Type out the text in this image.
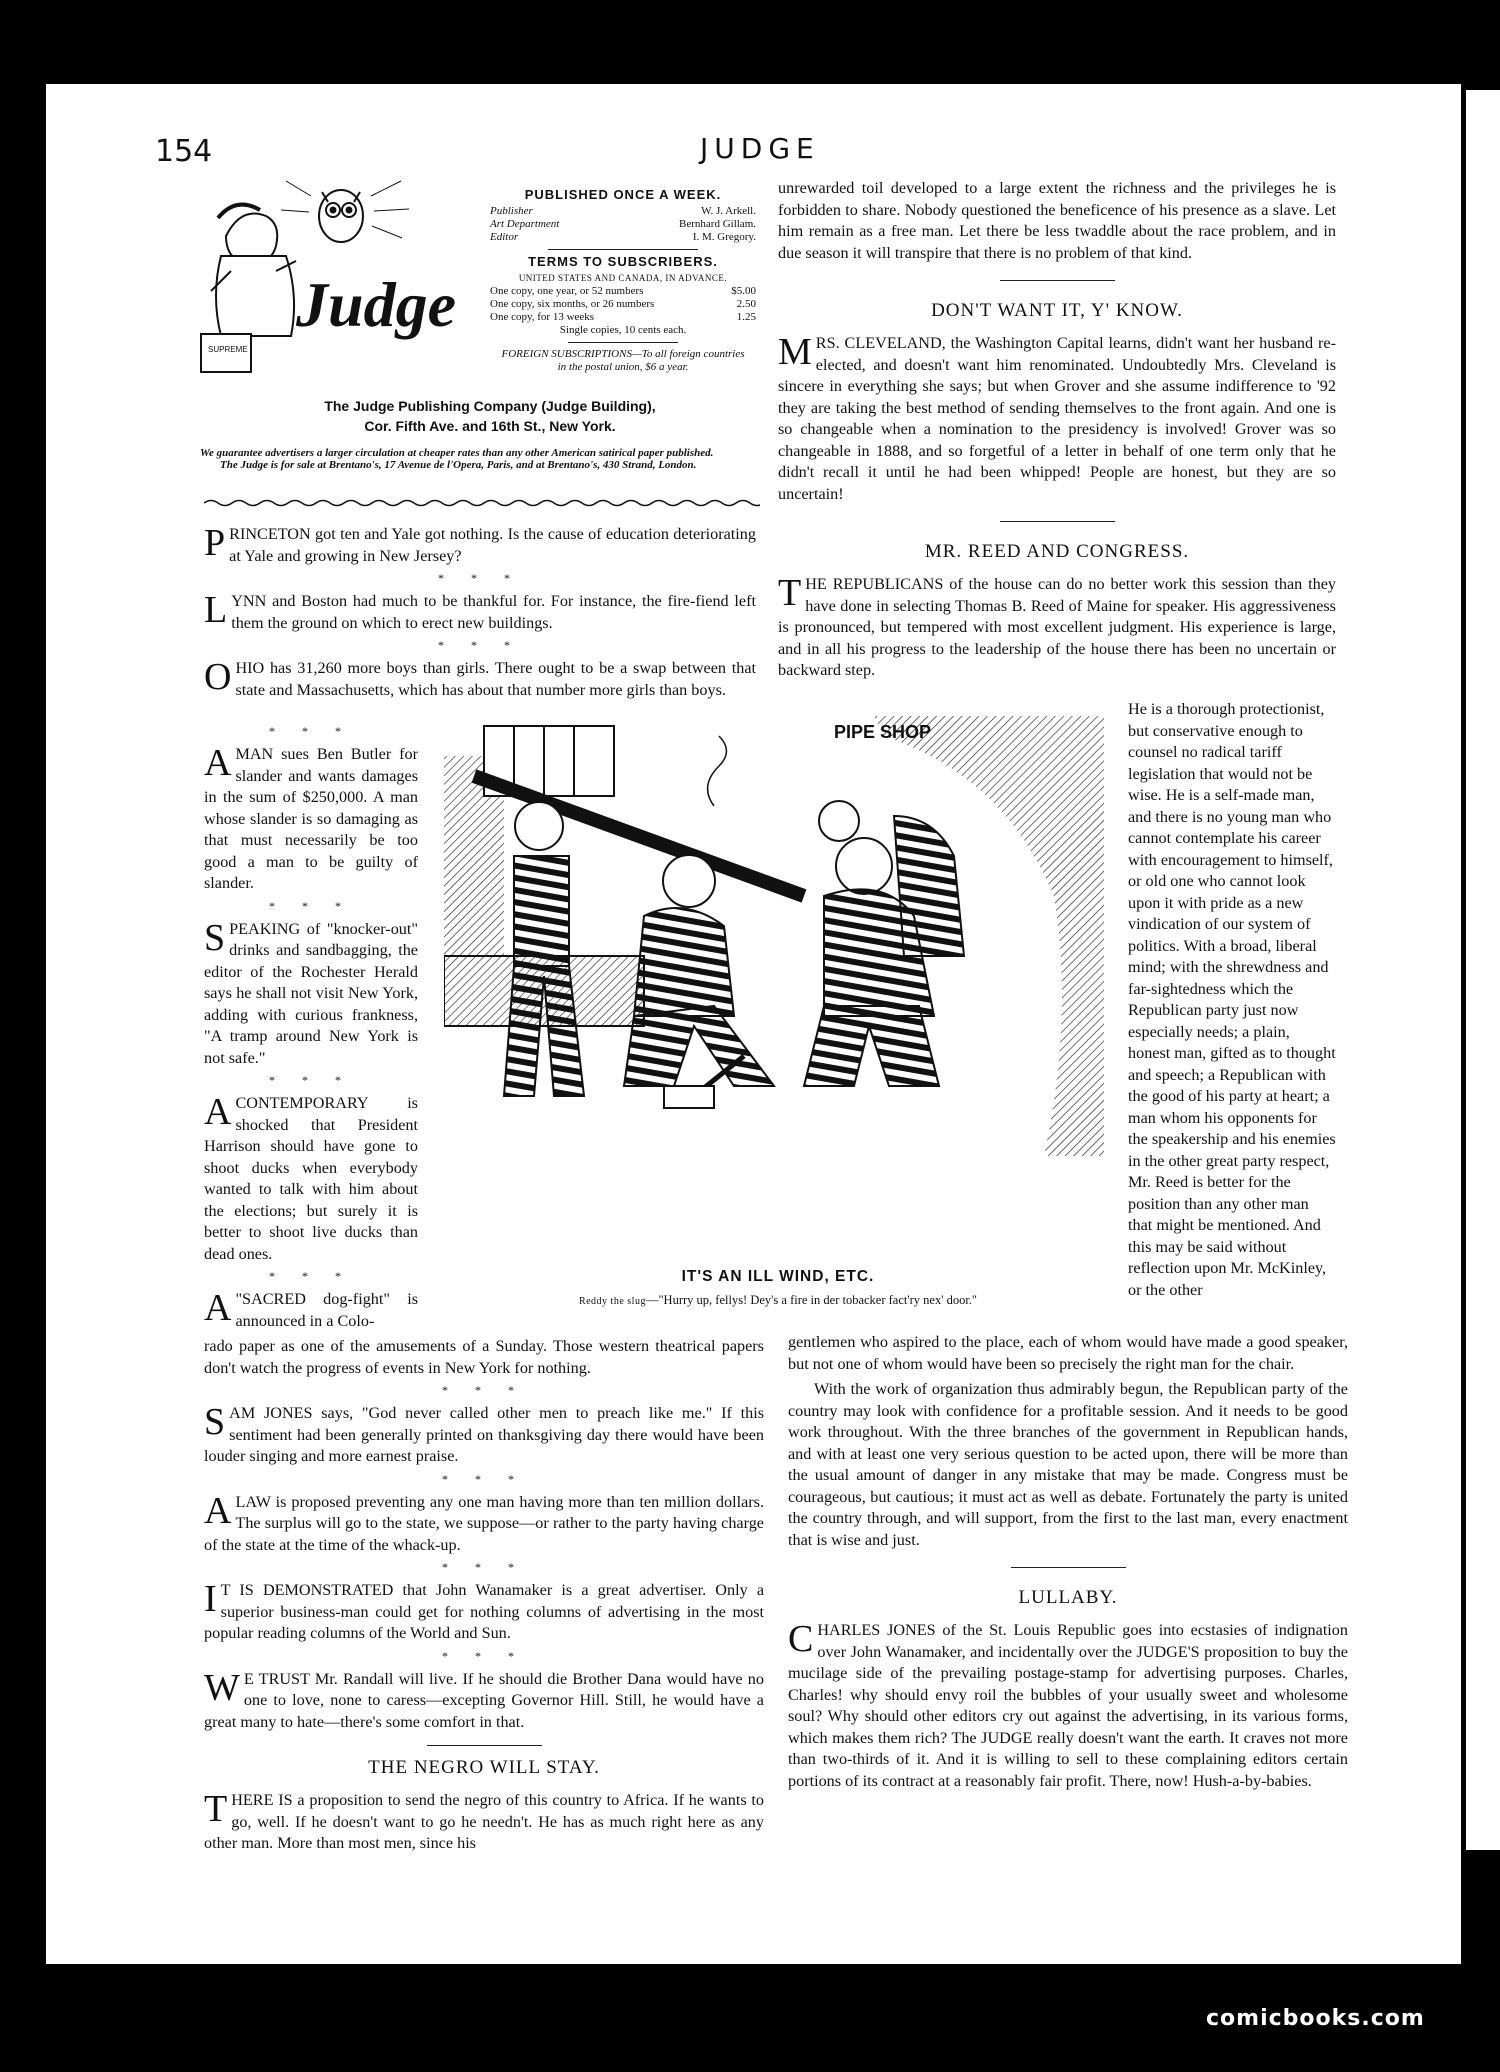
154	JUDGE
Judge
SUPREME
PUBLISHED ONCE A WEEK.
Publisher	W. J. Arkell.
Art Department	Bernhard Gillam.
Editor	I. M. Gregory.
TERMS TO SUBSCRIBERS.
UNITED STATES AND CANADA, IN ADVANCE.
One copy, one year, or 52 numbers	$5.00
One copy, six months, or 26 numbers	2.50
One copy, for 13 weeks	1.25
Single copies, 10 cents each.
FOREIGN SUBSCRIPTIONS—To all foreign countries in the postal union, $6 a year.
The Judge Publishing Company (Judge Building),
Cor. Fifth Ave. and 16th St., New York.
We guarantee advertisers a larger circulation at cheaper rates than any other American satirical paper published.
The Judge is for sale at Brentano's, 17 Avenue de l'Opera, Paris, and at Brentano's, 430 Strand, London.

PRINCETON got ten and Yale got nothing. Is the cause of education deteriorating at Yale and growing in New Jersey?

* * *

LYNN and Boston had much to be thankful for. For instance, the fire-fiend left them the ground on which to erect new buildings.

* * *

OHIO has 31,260 more boys than girls. There ought to be a swap between that state and Massachusetts, which has about that number more girls than boys.

* * *

AMAN sues Ben Butler for slander and wants damages in the sum of $250,000. A man whose slander is so damaging as that must necessarily be too good a man to be guilty of slander.

* * *

SPEAKING of "knocker-out" drinks and sandbagging, the editor of the Rochester Herald says he shall not visit New York, adding with curious frankness, "A tramp around New York is not safe."

* * *

ACONTEMPORARY is shocked that President Harrison should have gone to shoot ducks when everybody wanted to talk with him about the elections; but surely it is better to shoot live ducks than dead ones.

* * *

A"SACRED dog-fight" is announced in a Colo-

rado paper as one of the amusements of a Sunday. Those western theatrical papers don't watch the progress of events in New York for nothing.

* * *

SAM JONES says, "God never called other men to preach like me." If this sentiment had been generally printed on thanksgiving day there would have been louder singing and more earnest praise.

* * *

ALAW is proposed preventing any one man having more than ten million dollars. The surplus will go to the state, we suppose—or rather to the party having charge of the state at the time of the whack-up.

* * *

IT IS DEMONSTRATED that John Wanamaker is a great advertiser. Only a superior business-man could get for nothing columns of advertising in the most popular reading columns of the World and Sun.

* * *

WE TRUST Mr. Randall will live. If he should die Brother Dana would have no one to love, none to caress—excepting Governor Hill. Still, he would have a great many to hate—there's some comfort in that.

THE NEGRO WILL STAY.

THERE IS a proposition to send the negro of this country to Africa. If he wants to go, well. If he doesn't want to go he needn't. He has as much right here as any other man. More than most men, since his

unrewarded toil developed to a large extent the richness and the privileges he is forbidden to share. Nobody questioned the beneficence of his presence as a slave. Let him remain as a free man. Let there be less twaddle about the race problem, and in due season it will transpire that there is no problem of that kind.

DON'T WANT IT, Y' KNOW.

MRS. CLEVELAND, the Washington Capital learns, didn't want her husband re-elected, and doesn't want him renominated. Undoubtedly Mrs. Cleveland is sincere in everything she says; but when Grover and she assume indifference to '92 they are taking the best method of sending themselves to the front again. And one is so changeable when a nomination to the presidency is involved! Grover was so changeable in 1888, and so forgetful of a letter in behalf of one term only that he didn't recall it until he had been whipped! People are honest, but they are so uncertain!

MR. REED AND CONGRESS.

THE REPUBLICANS of the house can do no better work this session than they have done in selecting Thomas B. Reed of Maine for speaker. His aggressiveness is pronounced, but tempered with most excellent judgment. His experience is large, and in all his progress to the leadership of the house there has been no uncertain or backward step.

He is a thorough protectionist, but conservative enough to counsel no radical tariff legislation that would not be wise. He is a self-made man, and there is no young man who cannot contemplate his career with encouragement to himself, or old one who cannot look upon it with pride as a new vindication of our system of politics. With a broad, liberal mind; with the shrewdness and far-sightedness which the Republican party just now especially needs; a plain, honest man, gifted as to thought and speech; a Republican with the good of his party at heart; a man whom his opponents for the speakership and his enemies in the other great party respect, Mr. Reed is better for the position than any other man that might be mentioned. And this may be said without reflection upon Mr. McKinley, or the other

gentlemen who aspired to the place, each of whom would have made a good speaker, but not one of whom would have been so precisely the right man for the chair.

With the work of organization thus admirably begun, the Republican party of the country may look with confidence for a profitable session. And it needs to be good work throughout. With the three branches of the government in Republican hands, and with at least one very serious question to be acted upon, there will be more than the usual amount of danger in any mistake that may be made. Congress must be courageous, but cautious; it must act as well as debate. Fortunately the party is united the country through, and will support, from the first to the last man, every enactment that is wise and just.

LULLABY.

CHARLES JONES of the St. Louis Republic goes into ecstasies of indignation over John Wanamaker, and incidentally over the JUDGE'S proposition to buy the mucilage side of the prevailing postage-stamp for advertising purposes. Charles, Charles! why should envy roil the bubbles of your usually sweet and wholesome soul? Why should other editors cry out against the advertising, in its various forms, which makes them rich? The JUDGE really doesn't want the earth. It craves not more than two-thirds of it. And it is willing to sell to these complaining editors certain portions of its contract at a reasonably fair profit. There, now! Hush-a-by-babies.

PIPE SHOP
IT'S AN ILL WIND, ETC.
Reddy the slug—"Hurry up, fellys! Dey's a fire in der tobacker fact'ry nex' door."
comicbooks.com
